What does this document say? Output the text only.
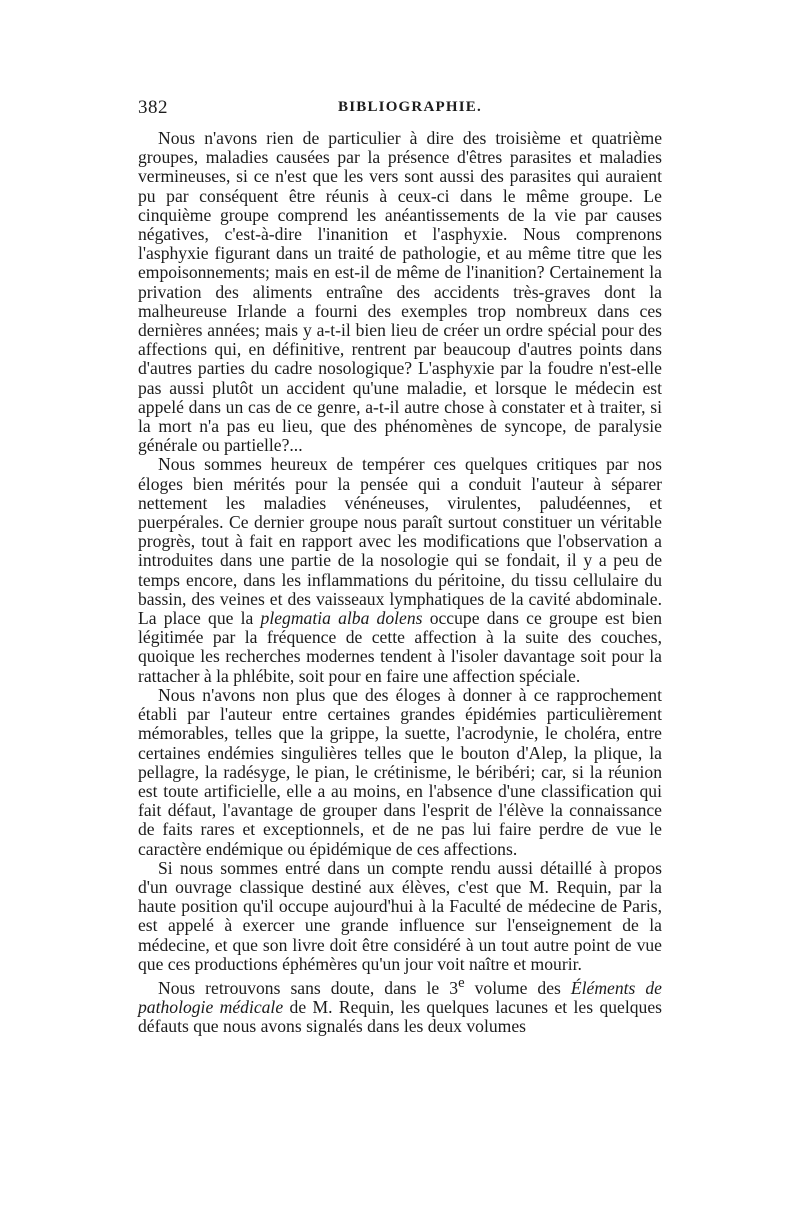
382	BIBLIOGRAPHIE.

Nous n'avons rien de particulier à dire des troisième et quatrième groupes, maladies causées par la présence d'êtres parasites et maladies vermineuses, si ce n'est que les vers sont aussi des parasites qui auraient pu par conséquent être réunis à ceux-ci dans le même groupe. Le cinquième groupe comprend les anéantissements de la vie par causes négatives, c'est-à-dire l'inanition et l'asphyxie. Nous comprenons l'asphyxie figurant dans un traité de pathologie, et au même titre que les empoisonnements; mais en est-il de même de l'inanition? Certainement la privation des aliments entraîne des accidents très-graves dont la malheureuse Irlande a fourni des exemples trop nombreux dans ces dernières années; mais y a-t-il bien lieu de créer un ordre spécial pour des affections qui, en définitive, rentrent par beaucoup d'autres points dans d'autres parties du cadre nosologique? L'asphyxie par la foudre n'est-elle pas aussi plutôt un accident qu'une maladie, et lorsque le médecin est appelé dans un cas de ce genre, a-t-il autre chose à constater et à traiter, si la mort n'a pas eu lieu, que des phénomènes de syncope, de paralysie générale ou partielle?...

Nous sommes heureux de tempérer ces quelques critiques par nos éloges bien mérités pour la pensée qui a conduit l'auteur à séparer nettement les maladies vénéneuses, virulentes, paludéennes, et puerpérales. Ce dernier groupe nous paraît surtout constituer un véritable progrès, tout à fait en rapport avec les modifications que l'observation a introduites dans une partie de la nosologie qui se fondait, il y a peu de temps encore, dans les inflammations du péritoine, du tissu cellulaire du bassin, des veines et des vaisseaux lymphatiques de la cavité abdominale. La place que la plegmatia alba dolens occupe dans ce groupe est bien légitimée par la fréquence de cette affection à la suite des couches, quoique les recherches modernes tendent à l'isoler davantage soit pour la rattacher à la phlébite, soit pour en faire une affection spéciale.

Nous n'avons non plus que des éloges à donner à ce rapprochement établi par l'auteur entre certaines grandes épidémies particulièrement mémorables, telles que la grippe, la suette, l'acrodynie, le choléra, entre certaines endémies singulières telles que le bouton d'Alep, la plique, la pellagre, la radésyge, le pian, le crétinisme, le béribéri; car, si la réunion est toute artificielle, elle a au moins, en l'absence d'une classification qui fait défaut, l'avantage de grouper dans l'esprit de l'élève la connaissance de faits rares et exceptionnels, et de ne pas lui faire perdre de vue le caractère endémique ou épidémique de ces affections.

Si nous sommes entré dans un compte rendu aussi détaillé à propos d'un ouvrage classique destiné aux élèves, c'est que M. Requin, par la haute position qu'il occupe aujourd'hui à la Faculté de médecine de Paris, est appelé à exercer une grande influence sur l'enseignement de la médecine, et que son livre doit être considéré à un tout autre point de vue que ces productions éphémères qu'un jour voit naître et mourir.

Nous retrouvons sans doute, dans le 3e volume des Éléments de pathologie médicale de M. Requin, les quelques lacunes et les quelques défauts que nous avons signalés dans les deux volumes
